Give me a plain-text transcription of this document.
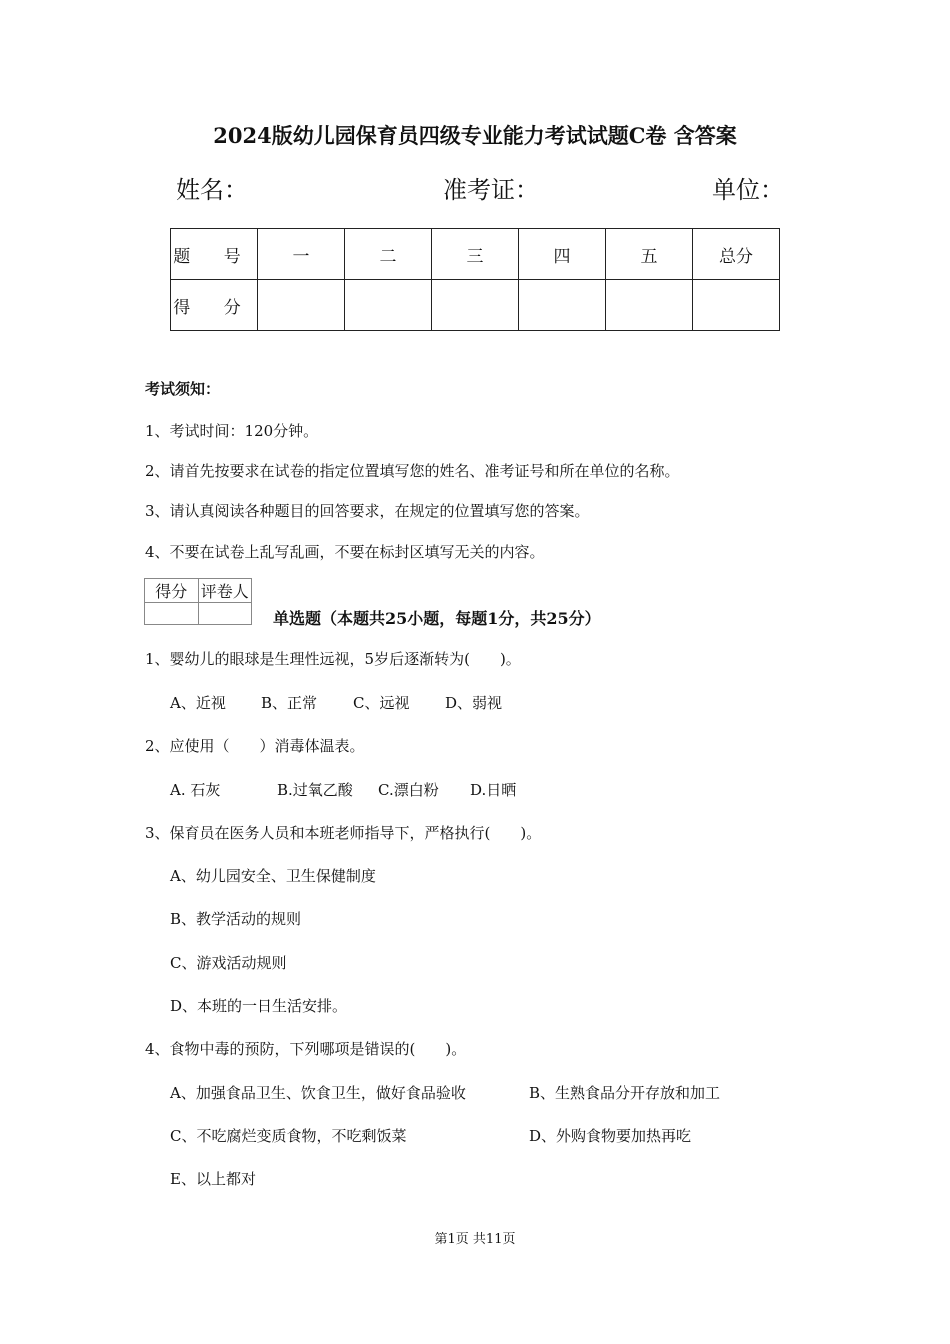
2024版幼儿园保育员四级专业能力考试试题C卷 含答案
姓名：	准考证：	单位：
题 号	一	二	三	四	五	总分
得 分						
考试须知：
1、考试时间：120分钟。
2、请首先按要求在试卷的指定位置填写您的姓名、准考证号和所在单位的名称。
3、请认真阅读各种题目的回答要求，在规定的位置填写您的答案。
4、不要在试卷上乱写乱画，不要在标封区填写无关的内容。
得分	评卷人

单选题（本题共25小题，每题1分，共25分）
1、婴幼儿的眼球是生理性远视，5岁后逐渐转为(　　)。
A、近视 B、正常 C、远视 D、弱视
2、应使用（　　）消毒体温表。
A. 石灰	B.过氧乙酸 C.漂白粉 D.日晒
3、保育员在医务人员和本班老师指导下，严格执行(　　)。
A、幼儿园安全、卫生保健制度
B、教学活动的规则
C、游戏活动规则
D、本班的一日生活安排。
4、食物中毒的预防，下列哪项是错误的(　　)。
A、加强食品卫生、饮食卫生，做好食品验收	B、生熟食品分开存放和加工
C、不吃腐烂变质食物，不吃剩饭菜	D、外购食物要加热再吃
E、以上都对
第1页 共11页
